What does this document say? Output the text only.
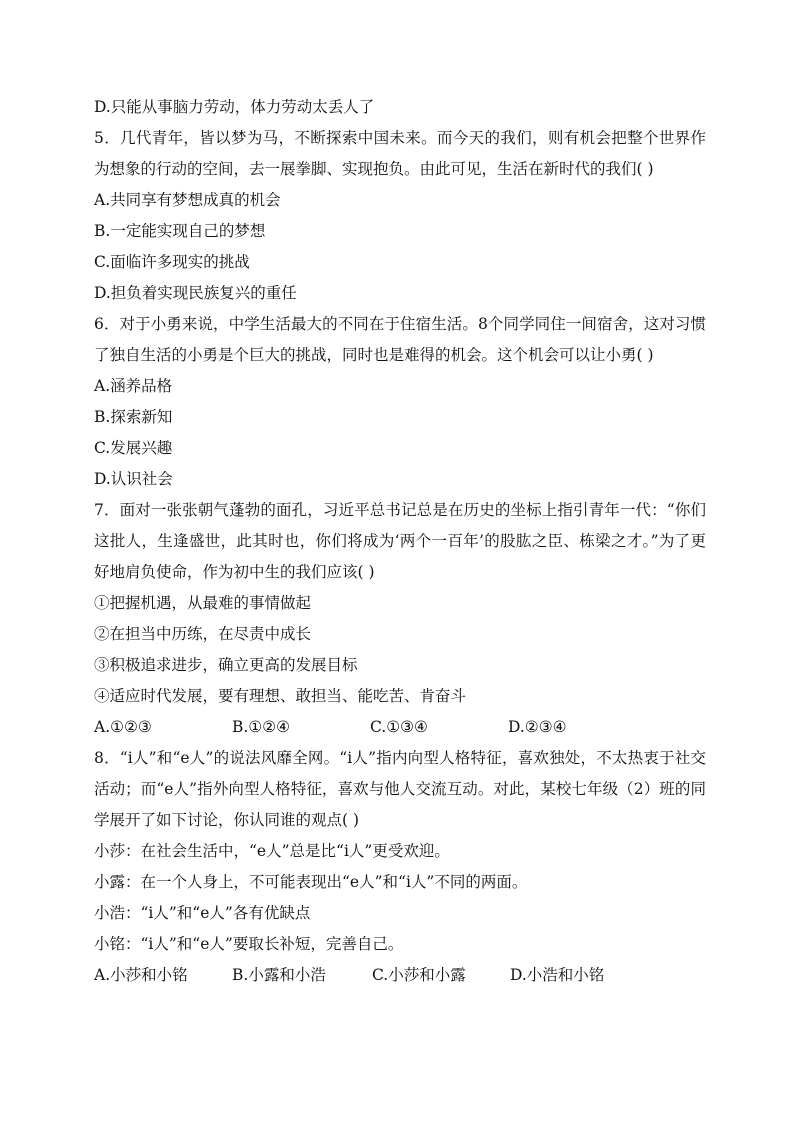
D.只能从事脑力劳动，体力劳动太丢人了
5．几代青年，皆以梦为马，不断探索中国未来。而今天的我们，则有机会把整个世界作为想象的行动的空间，去一展拳脚、实现抱负。由此可见，生活在新时代的我们( )
A.共同享有梦想成真的机会
B.一定能实现自己的梦想
C.面临许多现实的挑战
D.担负着实现民族复兴的重任
6．对于小勇来说，中学生活最大的不同在于住宿生活。8个同学同住一间宿舍，这对习惯了独自生活的小勇是个巨大的挑战，同时也是难得的机会。这个机会可以让小勇( )
A.涵养品格
B.探索新知
C.发展兴趣
D.认识社会
7．面对一张张朝气蓬勃的面孔，习近平总书记总是在历史的坐标上指引青年一代：“你们这批人，生逢盛世，此其时也，你们将成为‘两个一百年’的股肱之臣、栋梁之才。”为了更好地肩负使命，作为初中生的我们应该( )
①把握机遇，从最难的事情做起
②在担当中历练，在尽责中成长
③积极追求进步，确立更高的发展目标
④适应时代发展，要有理想、敢担当、能吃苦、肯奋斗
A.①②③	B.①②④	C.①③④	D.②③④
8．“i人”和“e人”的说法风靡全网。“i人”指内向型人格特征，喜欢独处，不太热衷于社交活动；而“e人”指外向型人格特征，喜欢与他人交流互动。对此，某校七年级（2）班的同学展开了如下讨论，你认同谁的观点( )
小莎：在社会生活中，“e人”总是比“i人”更受欢迎。
小露：在一个人身上，不可能表现出“e人”和“i人”不同的两面。
小浩：“i人”和“e人”各有优缺点
小铭：“i人”和“e人”要取长补短，完善自己。
A.小莎和小铭	B.小露和小浩	C.小莎和小露	D.小浩和小铭
